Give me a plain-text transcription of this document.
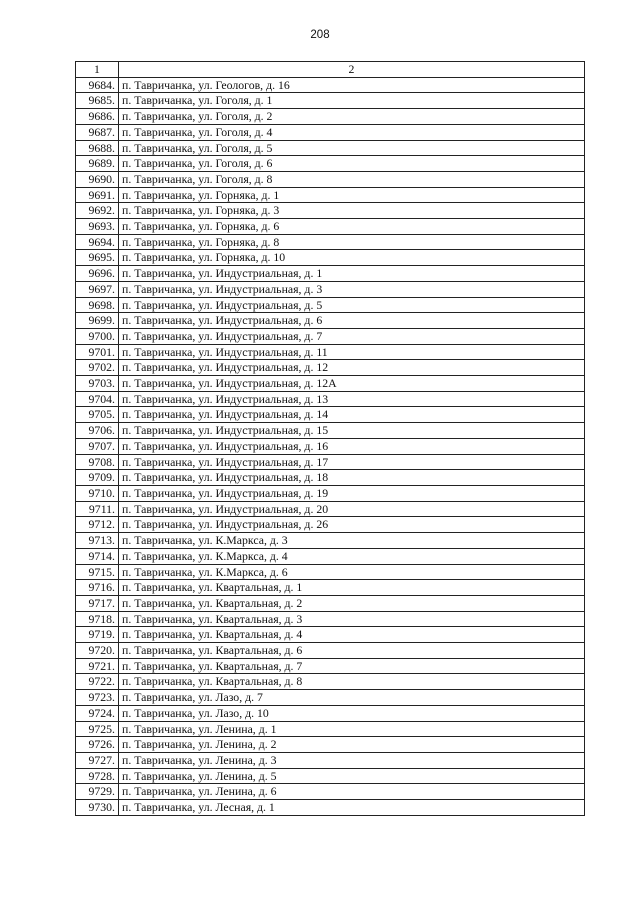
208
1	2
9684.	п. Тавричанка, ул. Геологов, д. 16
9685.	п. Тавричанка, ул. Гоголя, д. 1
9686.	п. Тавричанка, ул. Гоголя, д. 2
9687.	п. Тавричанка, ул. Гоголя, д. 4
9688.	п. Тавричанка, ул. Гоголя, д. 5
9689.	п. Тавричанка, ул. Гоголя, д. 6
9690.	п. Тавричанка, ул. Гоголя, д. 8
9691.	п. Тавричанка, ул. Горняка, д. 1
9692.	п. Тавричанка, ул. Горняка, д. 3
9693.	п. Тавричанка, ул. Горняка, д. 6
9694.	п. Тавричанка, ул. Горняка, д. 8
9695.	п. Тавричанка, ул. Горняка, д. 10
9696.	п. Тавричанка, ул. Индустриальная, д. 1
9697.	п. Тавричанка, ул. Индустриальная, д. 3
9698.	п. Тавричанка, ул. Индустриальная, д. 5
9699.	п. Тавричанка, ул. Индустриальная, д. 6
9700.	п. Тавричанка, ул. Индустриальная, д. 7
9701.	п. Тавричанка, ул. Индустриальная, д. 11
9702.	п. Тавричанка, ул. Индустриальная, д. 12
9703.	п. Тавричанка, ул. Индустриальная, д. 12А
9704.	п. Тавричанка, ул. Индустриальная, д. 13
9705.	п. Тавричанка, ул. Индустриальная, д. 14
9706.	п. Тавричанка, ул. Индустриальная, д. 15
9707.	п. Тавричанка, ул. Индустриальная, д. 16
9708.	п. Тавричанка, ул. Индустриальная, д. 17
9709.	п. Тавричанка, ул. Индустриальная, д. 18
9710.	п. Тавричанка, ул. Индустриальная, д. 19
9711.	п. Тавричанка, ул. Индустриальная, д. 20
9712.	п. Тавричанка, ул. Индустриальная, д. 26
9713.	п. Тавричанка, ул. К.Маркса, д. 3
9714.	п. Тавричанка, ул. К.Маркса, д. 4
9715.	п. Тавричанка, ул. К.Маркса, д. 6
9716.	п. Тавричанка, ул. Квартальная, д. 1
9717.	п. Тавричанка, ул. Квартальная, д. 2
9718.	п. Тавричанка, ул. Квартальная, д. 3
9719.	п. Тавричанка, ул. Квартальная, д. 4
9720.	п. Тавричанка, ул. Квартальная, д. 6
9721.	п. Тавричанка, ул. Квартальная, д. 7
9722.	п. Тавричанка, ул. Квартальная, д. 8
9723.	п. Тавричанка, ул. Лазо, д. 7
9724.	п. Тавричанка, ул. Лазо, д. 10
9725.	п. Тавричанка, ул. Ленина, д. 1
9726.	п. Тавричанка, ул. Ленина, д. 2
9727.	п. Тавричанка, ул. Ленина, д. 3
9728.	п. Тавричанка, ул. Ленина, д. 5
9729.	п. Тавричанка, ул. Ленина, д. 6
9730.	п. Тавричанка, ул. Лесная, д. 1
